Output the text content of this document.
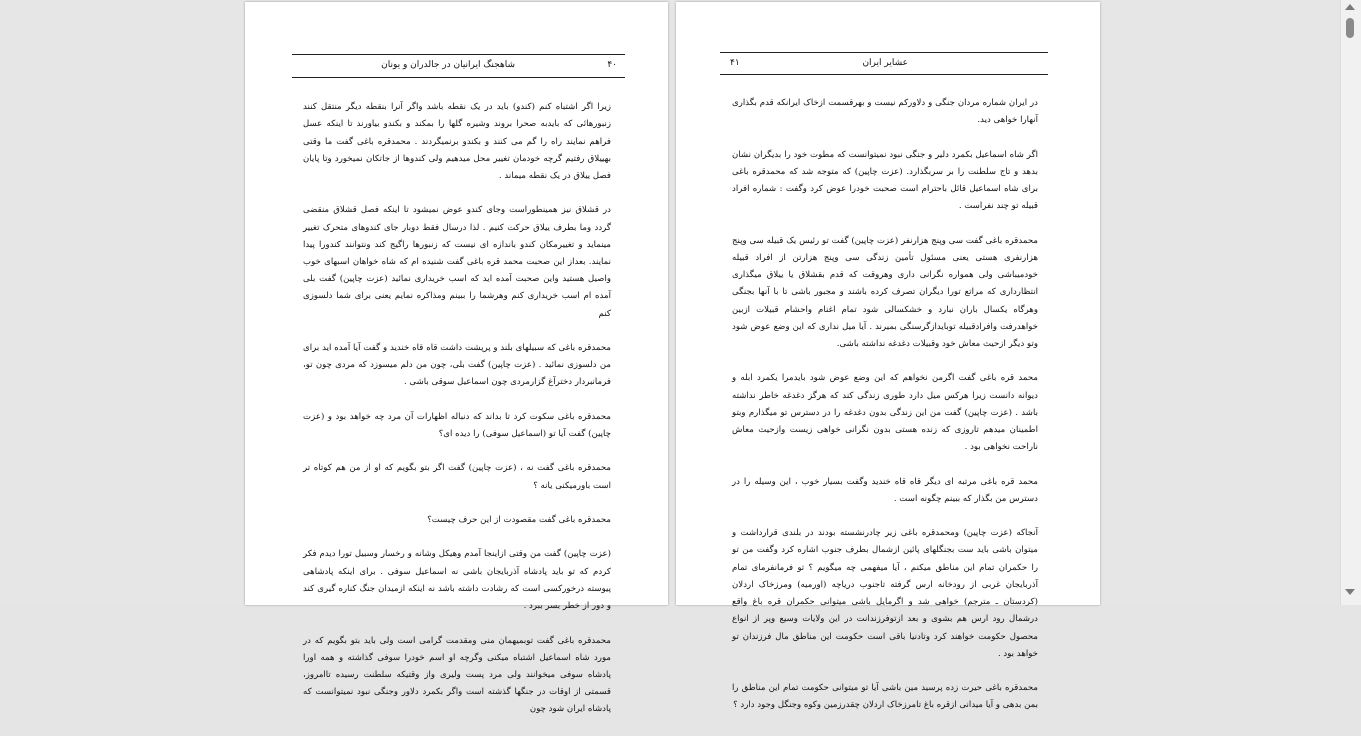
۴۰
شاهجنگ ایرانیان در جالدران و یونان

زیرا اگر اشتباه کنم (کندو) باید در یک نقطه باشد واگر آنرا بنقطه دیگر منتقل کنند زنبورهائی که بایدبه صحرا بروند وشیره گلها را بمکند و بکندو بیاورند تا اینکه عسل فراهم نمایند راه را گم می کنند و بکندو برنمیگردند . محمدقره باغی گفت ما وقتی بهییلاق رفتیم گرچه خودمان تغییر محل میدهیم ولی کندوها از جاتکان نمیخورد وتا پایان فصل ییلاق در یک نقطه میماند .

در قشلاق نیز همینطوراست وجای کندو عوض نمیشود تا اینکه فصل قشلاق منقضی گردد وما بطرف ییلاق حرکت کنیم . لذا درسال فقط دوبار جای کندوهای متحرک تغییر مینماید و تغییرمکان کندو باندازه ای نیست که زنبورها راگیج کند ونتوانند کندورا پیدا نمایند. بعداز این صحبت محمد قره باغی گفت شنیده ام که شاه خواهان اسبهای خوب واصیل هستید واین صحبت آمده اید که اسب خریداری نمائید (عزت چاپین) گفت بلی آمده ام اسب خریداری کنم وهرشما را ببینم ومذاکره نمایم یعنی برای شما دلسوزی کنم

محمدقره باغی که سبیلهای بلند و پرپشت داشت قاه قاه خندید و گفت آیا آمده اید برای من دلسوزی نمائید . (عزت چاپین) گفت بلی، چون من دلم میسوزد که مردی چون تو، فرمانبردار دخترآغ گزارمردی چون اسماعیل سوقی باشی .

محمدقره باغی سکوت کرد تا بداند که دنباله اظهارات آن مرد چه خواهد بود و (عزت چاپین) گفت آیا تو (اسماعیل سوفی) را دیده ای؟

محمدقره باغی گفت نه ، (عزت چاپین) گفت اگر بتو بگویم که او از من هم کوتاه تر است باورمیکنی یانه ؟

محمدقره باغی گفت مقصودت از این حرف چیست؟

(عزت چاپین) گفت من وقتی ازاینجا آمدم وهیکل وشانه و رخسار وسبیل تورا دیدم فکر کردم که تو باید پادشاه آذربایجان باشی نه اسماعیل سوفی . برای اینکه پادشاهی پیوسته درخورکسی است که رشادت داشته باشد نه اینکه ازمیدان جنگ کناره گیری کند و دور از خطر بسر ببرد .

محمدقره باغی گفت توبمیهمان منی ومقدمت گرامی است ولی باید بتو بگویم که در مورد شاه اسماعیل اشتباه میکنی وگرچه او اسم خودرا سوفی گذاشته و همه اورا پادشاه سوفی میخوانند ولی مرد پست ولیری واز وقتیکه سلطنت رسیده تاامروز، قسمتی از اوقات در جنگها گذشته است واگر بکمرد دلاور وجنگی نبود نمیتوانست که پادشاه ایران شود چون

۴۱	عشایر ایران

در ایران شماره مردان جنگی و دلاورکم نیست و بهرقسمت ازخاک ایرانکه قدم بگذاری آنهارا خواهی دید.

اگر شاه اسماعیل بکمرد دلیر و جنگی نبود نمیتوانست که مطوت خود را بدیگران نشان بدهد و تاج سلطنت را بر سربگذارد. (عزت چاپین) که متوجه شد که محمدقره باغی برای شاه اسماعیل قائل باحترام است صحبت خودرا عوض کرد وگفت : شماره افراد قبیله تو چند نفراست .

محمدقره باغی گفت سی وپنج هزارنفر (عزت چاپین) گفت تو رئیس یک قبیله سی وپنج هزارنفری هستی یعنی مسئول تأمین زندگی سی وپنج هزارتن از افراد قبیله خودمیباشی ولی همواره نگرانی داری وهروقت که قدم بقشلاق یا ییلاق میگذاری انتظارداری که مراتع تورا دیگران تصرف کرده باشند و مجبور باشی تا با آنها بجنگی وهرگاه یکسال باران نبارد و خشکسالی شود تمام اغنام واحشام قبیلات ازبین خواهدرفت وافرادقبیله توبایدازگرسنگی بمیرند . آیا میل نداری که این وضع عوض شود وتو دیگر ازحیث معاش خود وقبیلات دغدغه نداشته باشی.

محمد قره باغی گفت اگرمن نخواهم که این وضع عوض شود بایدمرا یکمرد ابله و دیوانه دانست زیرا هرکس میل دارد طوری زندگی کند که هرگز دغدغه خاطر نداشته باشد . (عزت چاپین) گفت من این زندگی بدون دغدغه را در دسترس تو میگذارم وبتو اطمینان میدهم تاروزی که زنده هستی بدون نگرانی خواهی زیست وازحیث معاش ناراحت نخواهی بود .

محمد قره باغی مرتبه ای دیگر قاه قاه خندید وگفت بسیار خوب ، این وسیله را در دسترس من بگذار که ببینم چگونه است .

آنجاکه (عزت چاپین) ومحمدقره باغی زیر چادرنشسته بودند در بلندی قرارداشت و میتوان باشی باید ست بجنگلهای پائین ازشمال بطرف جنوب اشاره کرد وگفت من تو را حکمران تمام این مناطق میکنم ، آیا میفهمی چه میگویم ؟ تو فرمانفرمای تمام آذربایجان غربی از رودخانه ارس گرفته تاجنوب دریاچه (اورمیه) ومرزخاک اردلان (کردستان ـ مترجم) خواهی شد و اگرمایل باشی میتوانی حکمران قره باغ واقع درشمال رود ارس هم بشوی و بعد ازتوفرزندانت در این ولایات وسیع وپر از انواع محصول حکومت خواهند کرد وتادنیا باقی است حکومت این مناطق مال فرزندان تو خواهد بود .

محمدقره باغی حیرت زده پرسید مین باشی آیا تو میتوانی حکومت تمام این مناطق را بمن بدهی و آیا میدانی ازقره باغ تامرزخاک اردلان چقدرزمین وکوه وجنگل وجود دارد ؟
